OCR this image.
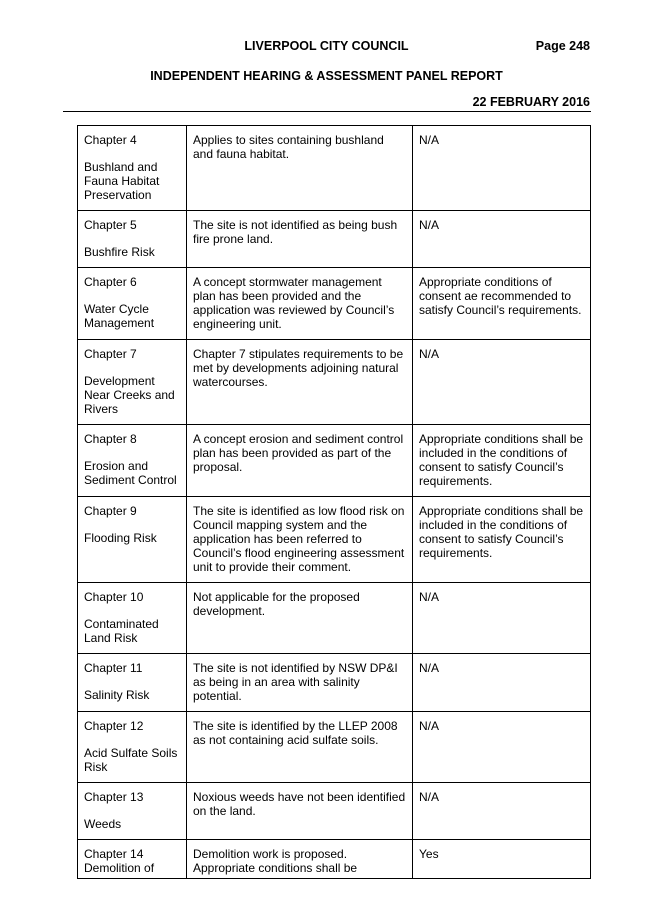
LIVERPOOL CITY COUNCIL	Page 248
INDEPENDENT HEARING & ASSESSMENT PANEL REPORT
22 FEBRUARY 2016
Chapter 4
Bushland and Fauna Habitat Preservation	Applies to sites containing bushland and fauna habitat.	N/A

Chapter 5
Bushfire Risk	The site is not identified as being bush fire prone land.	N/A

Chapter 6
Water Cycle Management	A concept stormwater management plan has been provided and the application was reviewed by Council’s engineering unit.	Appropriate conditions of consent ae recommended to satisfy Council’s requirements.

Chapter 7
Development Near Creeks and Rivers	Chapter 7 stipulates requirements to be met by developments adjoining natural watercourses.	N/A

Chapter 8
Erosion and Sediment Control	A concept erosion and sediment control plan has been provided as part of the proposal.	Appropriate conditions shall be included in the conditions of consent to satisfy Council’s requirements.

Chapter 9
Flooding Risk	The site is identified as low flood risk on Council mapping system and the application has been referred to Council’s flood engineering assessment unit to provide their comment.	Appropriate conditions shall be included in the conditions of consent to satisfy Council’s requirements.

Chapter 10
Contaminated Land Risk	Not applicable for the proposed development.	N/A

Chapter 11
Salinity Risk	The site is not identified by NSW DP&I as being in an area with salinity potential.	N/A

Chapter 12
Acid Sulfate Soils Risk	The site is identified by the LLEP 2008 as not containing acid sulfate soils.	N/A

Chapter 13
Weeds	Noxious weeds have not been identified on the land.	N/A

Chapter 14
Demolition of	Demolition work is proposed. Appropriate conditions shall be	Yes
